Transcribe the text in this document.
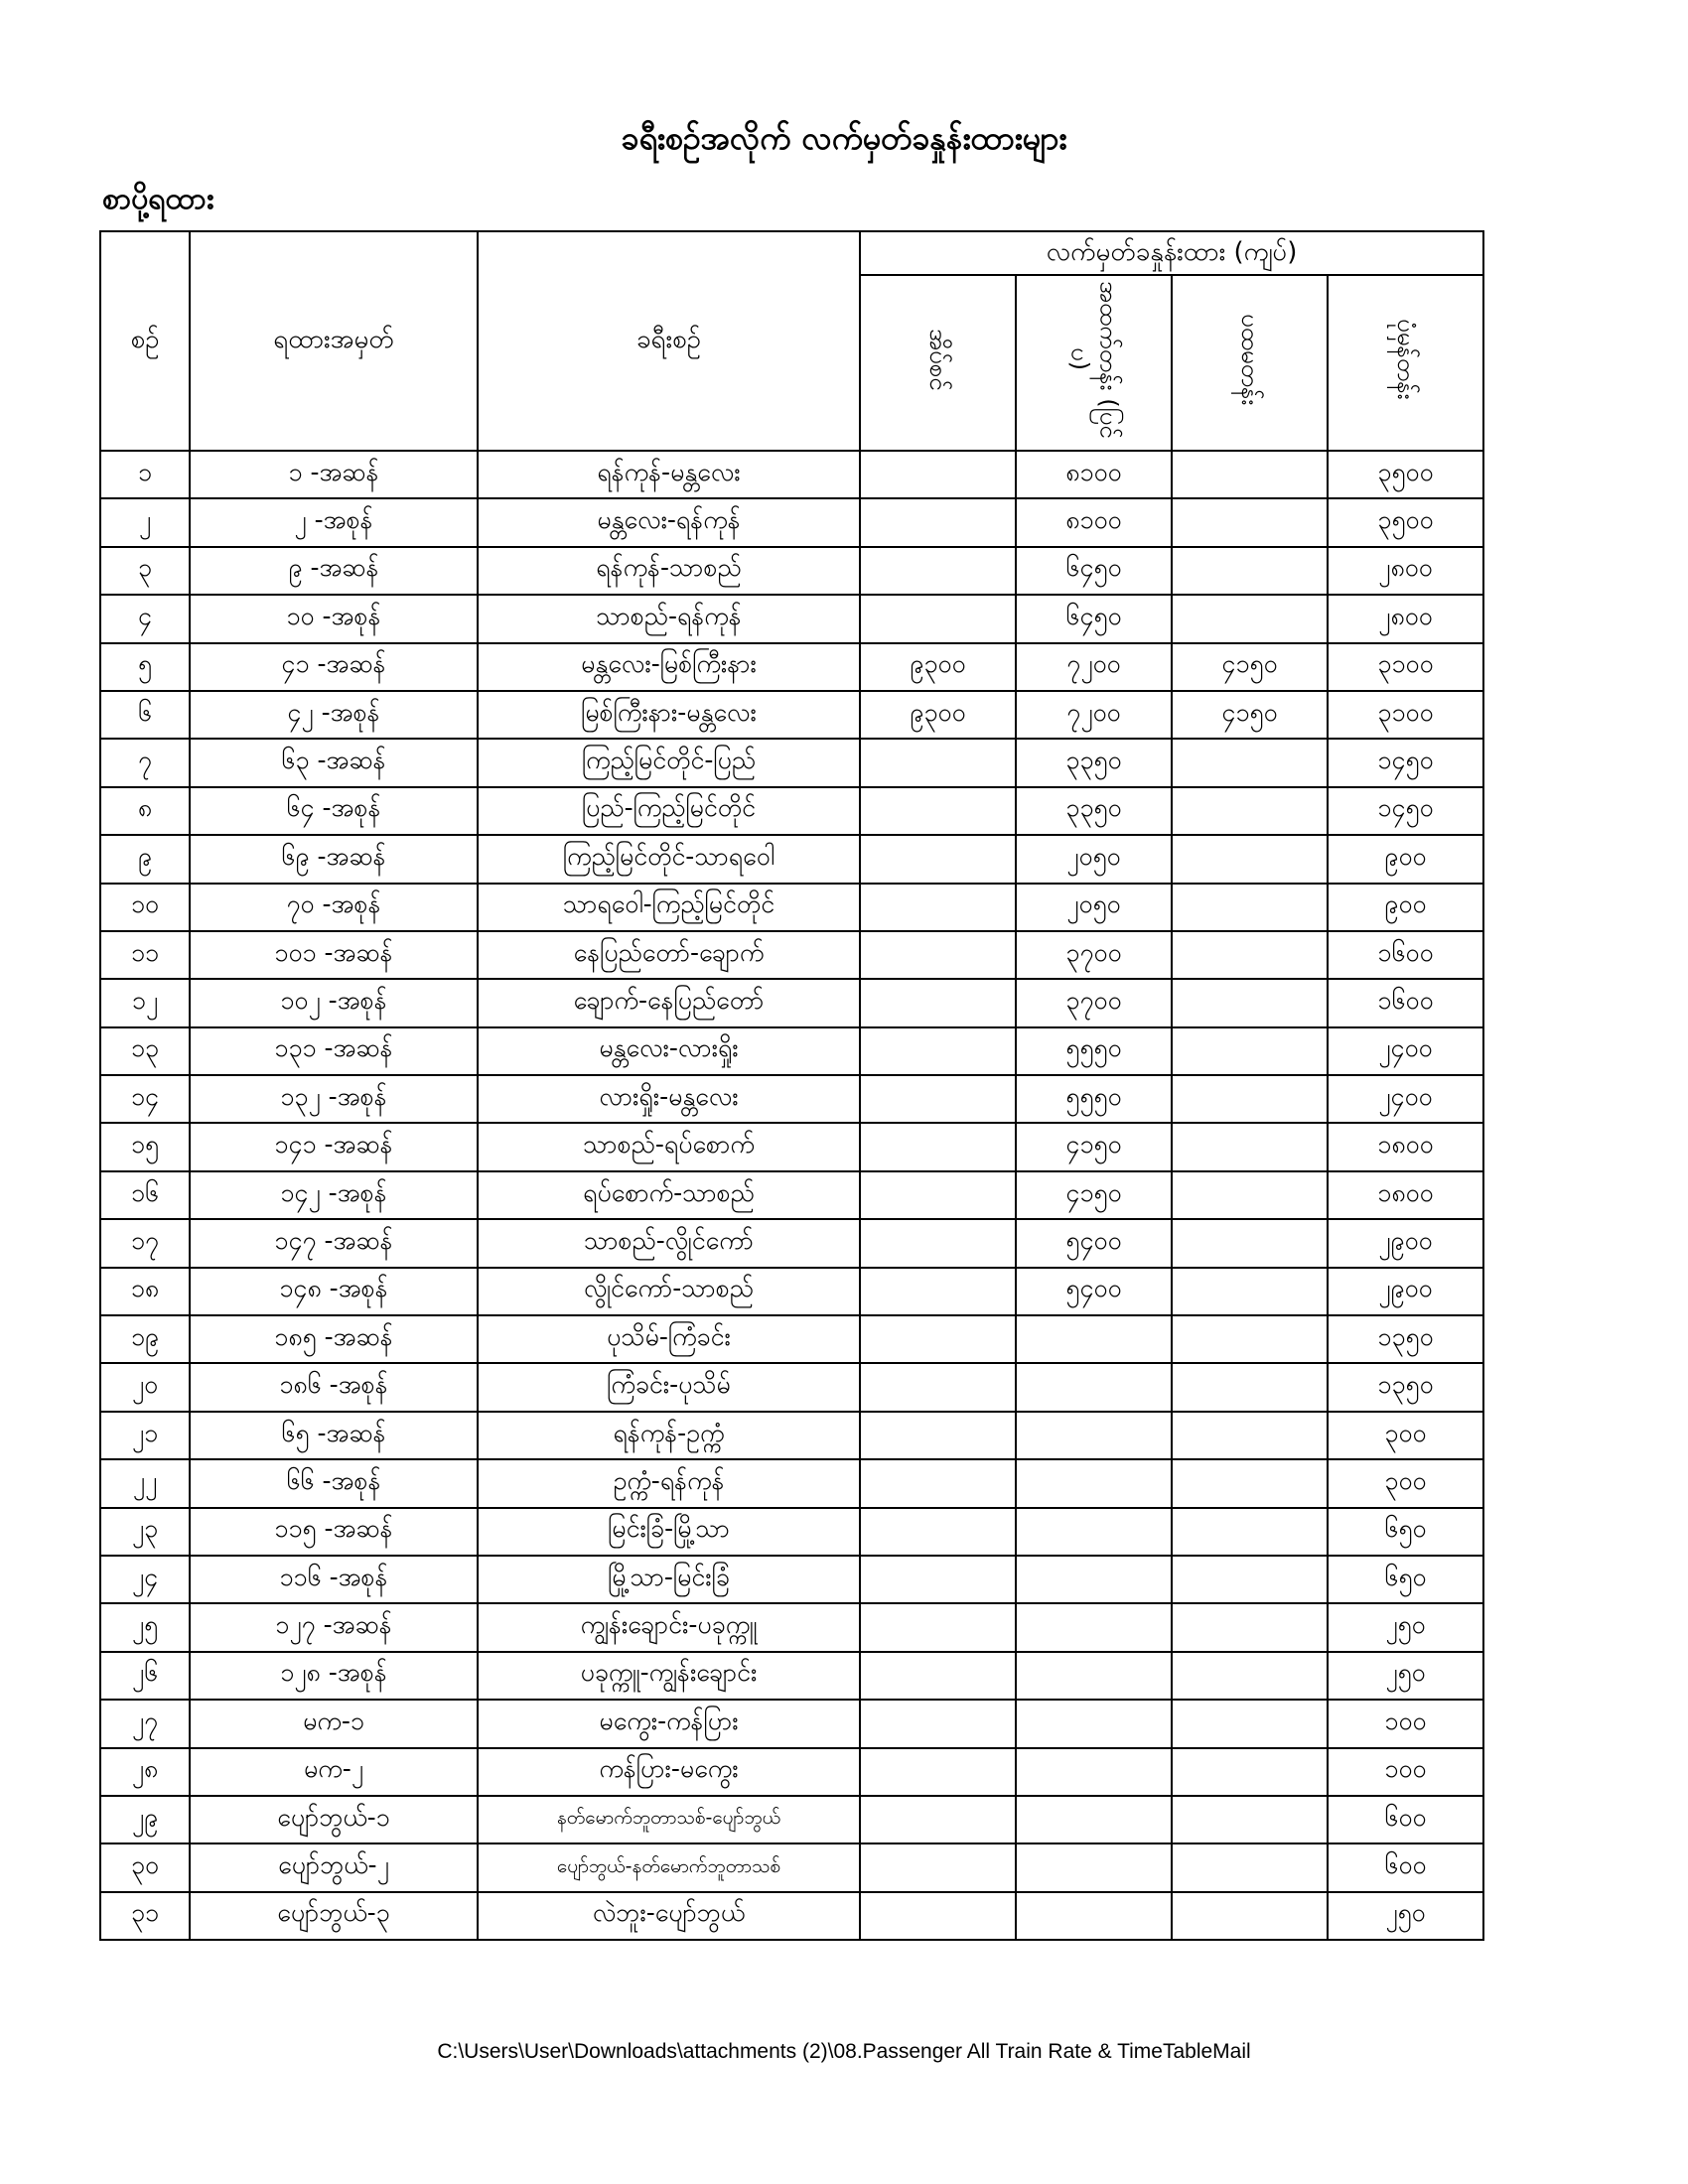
ခရီးစဉ်အလိုက် လက်မှတ်ခနှုန်းထားများ
စာပို့ရထား
စဉ်	ရထားအမှတ်	ခရီးစဉ်	လက်မှတ်ခနှုန်းထား (ကျပ်)			
			အိပ်စင်	အထက်တန်း (ပြင်ပ)	ပထမတန်း	ပုံမှန်တန်း
၁	၁ -အဆန်	ရန်ကုန်-မန္တလေး		၈၁၀၀		၃၅၀၀
၂	၂ -အစုန်	မန္တလေး-ရန်ကုန်		၈၁၀၀		၃၅၀၀
၃	၉ -အဆန်	ရန်ကုန်-သာစည်		၆၄၅၀		၂၈၀၀
၄	၁၀ -အစုန်	သာစည်-ရန်ကုန်		၆၄၅၀		၂၈၀၀
၅	၄၁ -အဆန်	မန္တလေး-မြစ်ကြီးနား	၉၃၀၀	၇၂၀၀	၄၁၅၀	၃၁၀၀
၆	၄၂ -အစုန်	မြစ်ကြီးနား-မန္တလေး	၉၃၀၀	၇၂၀၀	၄၁၅၀	၃၁၀၀
၇	၆၃ -အဆန်	ကြည့်မြင်တိုင်-ပြည်		၃၃၅၀		၁၄၅၀
၈	၆၄ -အစုန်	ပြည်-ကြည့်မြင်တိုင်		၃၃၅၀		၁၄၅၀
၉	၆၉ -အဆန်	ကြည့်မြင်တိုင်-သာရဝေါ		၂၀၅၀		၉၀၀
၁၀	၇၀ -အစုန်	သာရဝေါ-ကြည့်မြင်တိုင်		၂၀၅၀		၉၀၀
၁၁	၁၀၁ -အဆန်	နေပြည်တော်-ချောက်		၃၇၀၀		၁၆၀၀
၁၂	၁၀၂ -အစုန်	ချောက်-နေပြည်တော်		၃၇၀၀		၁၆၀၀
၁၃	၁၃၁ -အဆန်	မန္တလေး-လားရှိုး		၅၅၅၀		၂၄၀၀
၁၄	၁၃၂ -အစုန်	လားရှိုး-မန္တလေး		၅၅၅၀		၂၄၀၀
၁၅	၁၄၁ -အဆန်	သာစည်-ရပ်စောက်		၄၁၅၀		၁၈၀၀
၁၆	၁၄၂ -အစုန်	ရပ်စောက်-သာစည်		၄၁၅၀		၁၈၀၀
၁၇	၁၄၇ -အဆန်	သာစည်-လွိုင်ကော်		၅၄၀၀		၂၉၀၀
၁၈	၁၄၈ -အစုန်	လွိုင်ကော်-သာစည်		၅၄၀၀		၂၉၀၀
၁၉	၁၈၅ -အဆန်	ပုသိမ်-ကြံခင်း				၁၃၅၀
၂၀	၁၈၆ -အစုန်	ကြံခင်း-ပုသိမ်				၁၃၅၀
၂၁	၆၅ -အဆန်	ရန်ကုန်-ဥက္ကံ				၃၀၀
၂၂	၆၆ -အစုန်	ဥက္ကံ-ရန်ကုန်				၃၀၀
၂၃	၁၁၅ -အဆန်	မြင်းခြံ-မြို့သာ				၆၅၀
၂၄	၁၁၆ -အစုန်	မြို့သာ-မြင်းခြံ				၆၅၀
၂၅	၁၂၇ -အဆန်	ကျွန်းချောင်း-ပခုက္ကူ				၂၅၀
၂၆	၁၂၈ -အစုန်	ပခုက္ကူ-ကျွန်းချောင်း				၂၅၀
၂၇	မက-၁	မကွေး-ကန်ပြား				၁၀၀
၂၈	မက-၂	ကန်ပြား-မကွေး				၁၀၀
၂၉	ပျော်ဘွယ်-၁	နတ်မောက်ဘူတာသစ်-ပျော်ဘွယ်				၆၀၀
၃၀	ပျော်ဘွယ်-၂	ပျော်ဘွယ်-နတ်မောက်ဘူတာသစ်				၆၀၀
၃၁	ပျော်ဘွယ်-၃	လဲဘူး-ပျော်ဘွယ်				၂၅၀
C:\Users\User\Downloads\attachments (2)\08.Passenger All Train Rate & TimeTableMail
